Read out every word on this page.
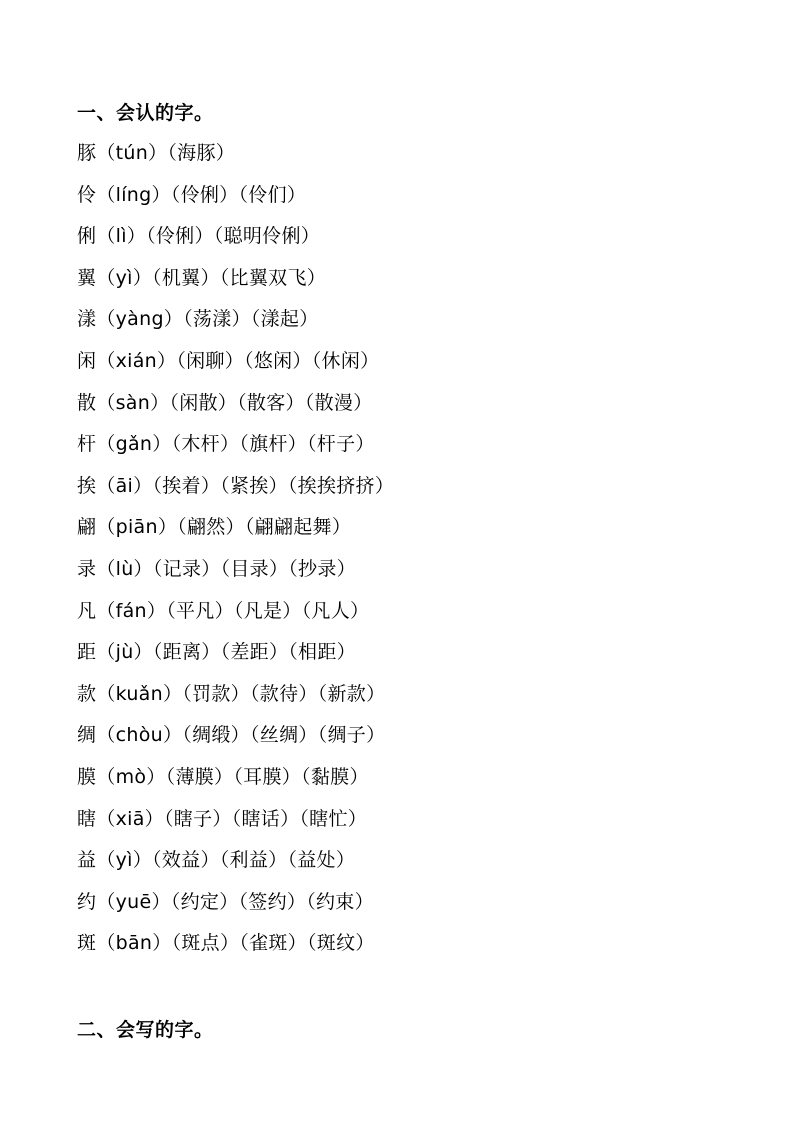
一、会认的字。
豚（tún）（海豚）
伶（líng）（伶俐）（伶们）
俐（lì）（伶俐）（聪明伶俐）
翼（yì）（机翼）（比翼双飞）
漾（yàng）（荡漾）（漾起）
闲（xián）（闲聊）（悠闲）（休闲）
散（sàn）（闲散）（散客）（散漫）
杆（gǎn）（木杆）（旗杆）（杆子）
挨（āi）（挨着）（紧挨）（挨挨挤挤）
翩（piān）（翩然）（翩翩起舞）
录（lù）（记录）（目录）（抄录）
凡（fán）（平凡）（凡是）（凡人）
距（jù）（距离）（差距）（相距）
款（kuǎn）（罚款）（款待）（新款）
绸（chòu）（绸缎）（丝绸）（绸子）
膜（mò）（薄膜）（耳膜）（黏膜）
瞎（xiā）（瞎子）（瞎话）（瞎忙）
益（yì）（效益）（利益）（益处）
约（yuē）（约定）（签约）（约束）
斑（bān）（斑点）（雀斑）（斑纹）
二、会写的字。
